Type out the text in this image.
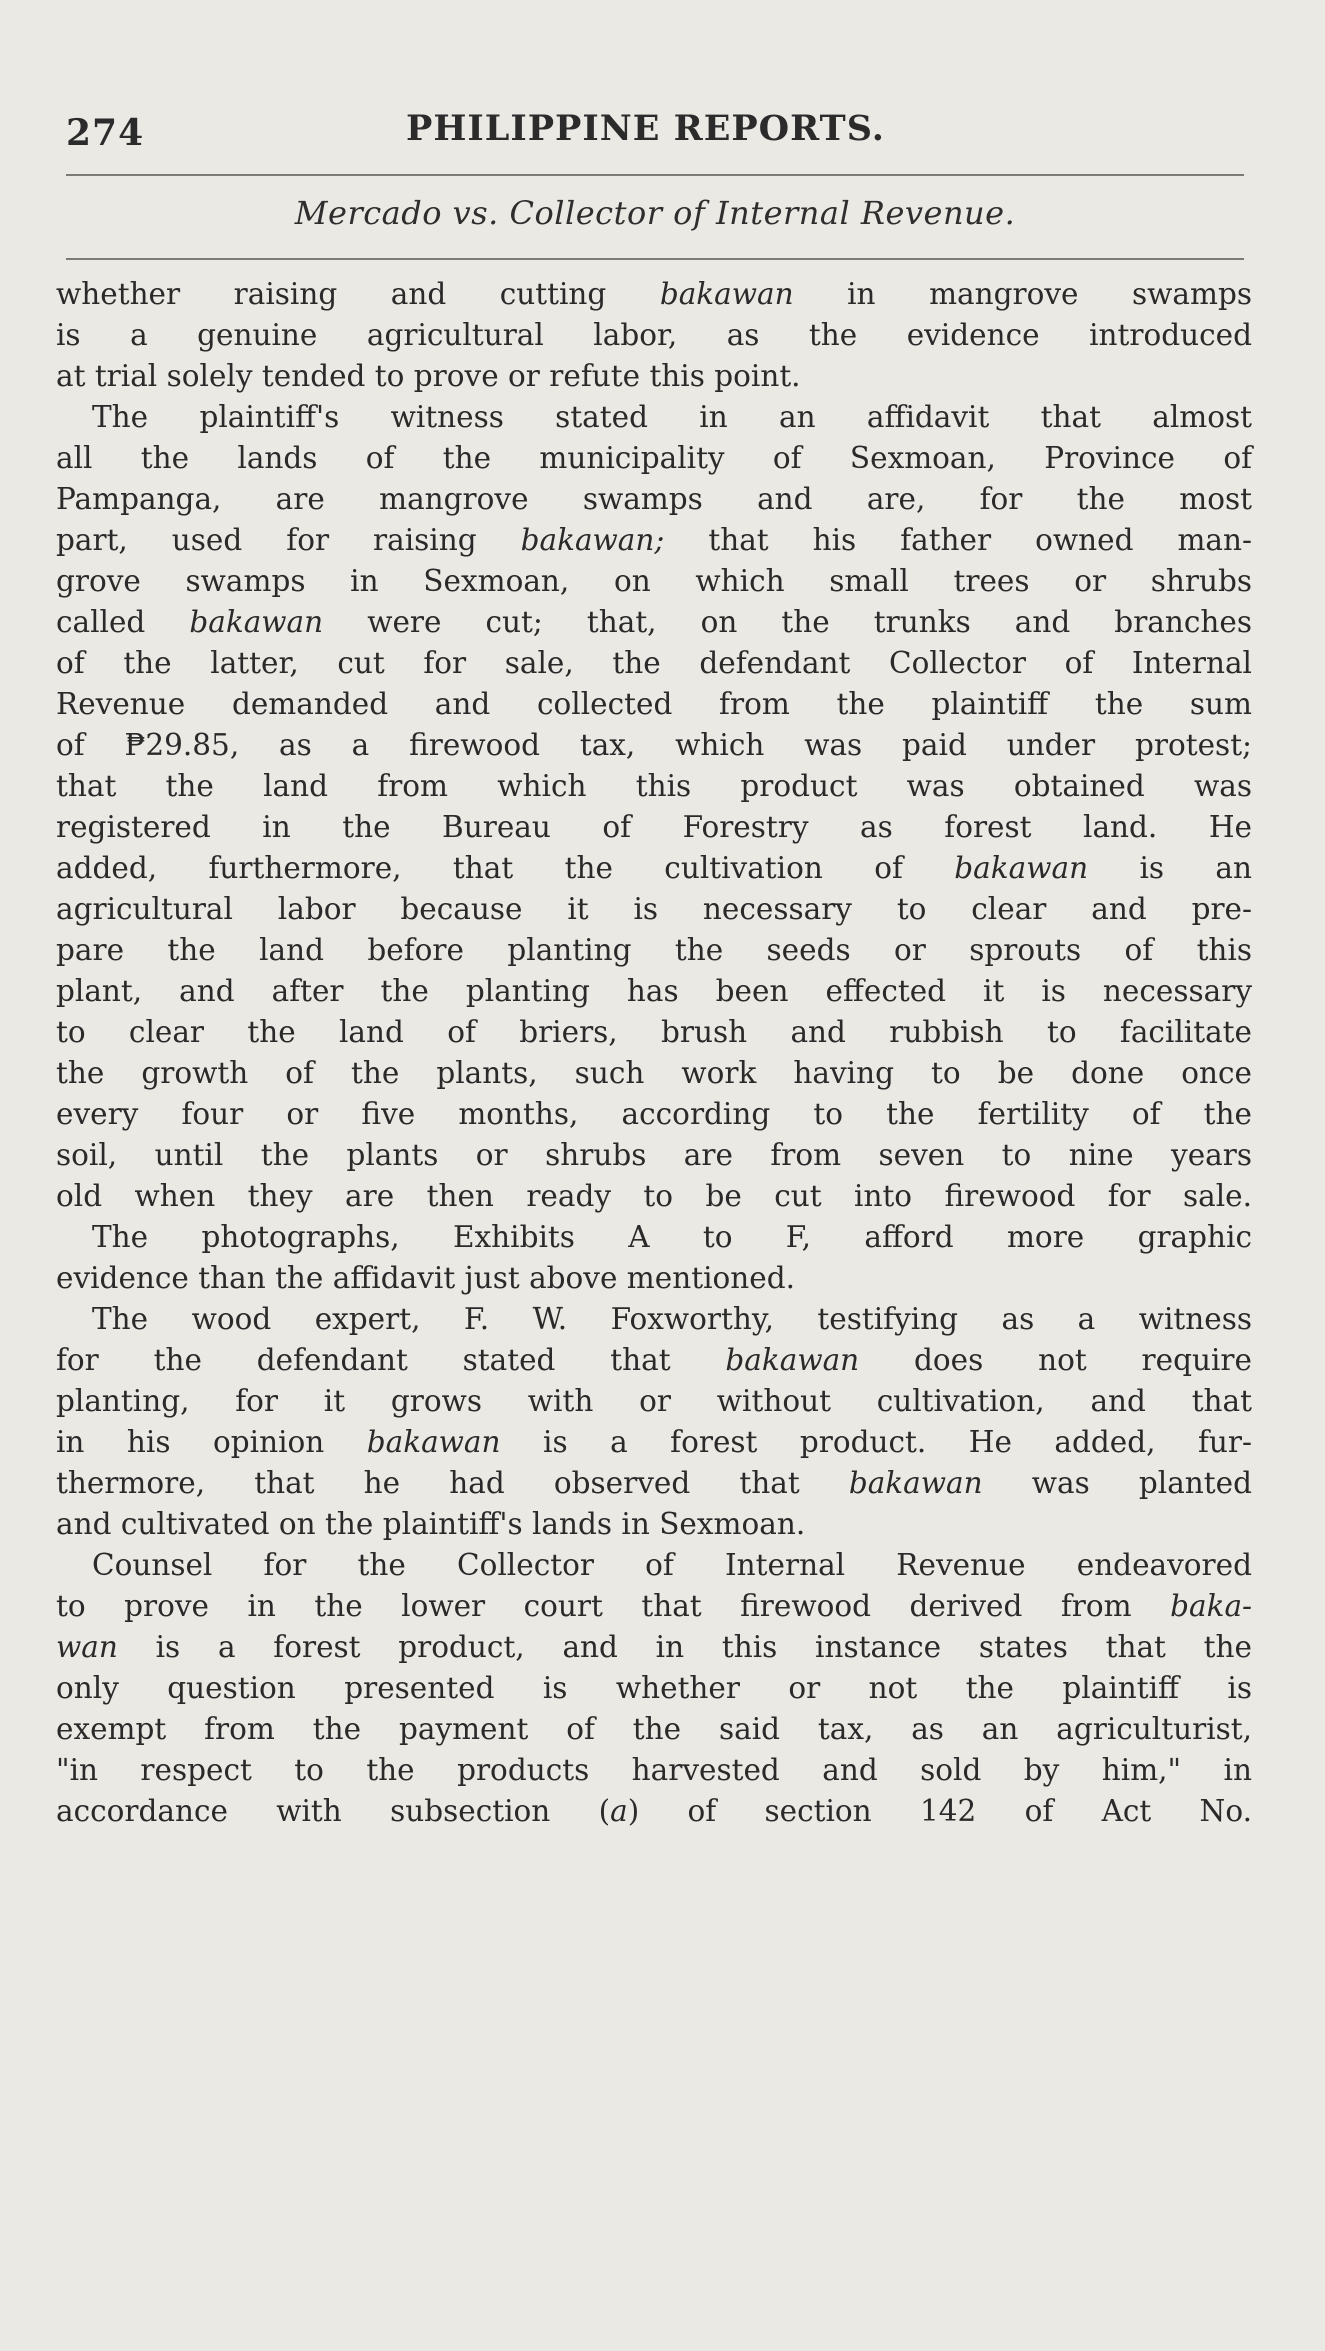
274	PHILIPPINE REPORTS.
Mercado vs. Collector of Internal Revenue.
whether raising and cutting bakawan in mangrove swamps
is a genuine agricultural labor, as the evidence introduced
at trial solely tended to prove or refute this point.
The plaintiff's witness stated in an affidavit that almost
all the lands of the municipality of Sexmoan, Province of
Pampanga, are mangrove swamps and are, for the most
part, used for raising bakawan; that his father owned man-
grove swamps in Sexmoan, on which small trees or shrubs
called bakawan were cut; that, on the trunks and branches
of the latter, cut for sale, the defendant Collector of Internal
Revenue demanded and collected from the plaintiff the sum
of ₱29.85, as a firewood tax, which was paid under protest;
that the land from which this product was obtained was
registered in the Bureau of Forestry as forest land. He
added, furthermore, that the cultivation of bakawan is an
agricultural labor because it is necessary to clear and pre-
pare the land before planting the seeds or sprouts of this
plant, and after the planting has been effected it is necessary
to clear the land of briers, brush and rubbish to facilitate
the growth of the plants, such work having to be done once
every four or five months, according to the fertility of the
soil, until the plants or shrubs are from seven to nine years
old when they are then ready to be cut into firewood for sale.
The photographs, Exhibits A to F, afford more graphic
evidence than the affidavit just above mentioned.
The wood expert, F. W. Foxworthy, testifying as a witness
for the defendant stated that bakawan does not require
planting, for it grows with or without cultivation, and that
in his opinion bakawan is a forest product. He added, fur-
thermore, that he had observed that bakawan was planted
and cultivated on the plaintiff's lands in Sexmoan.
Counsel for the Collector of Internal Revenue endeavored
to prove in the lower court that firewood derived from baka-
wan is a forest product, and in this instance states that the
only question presented is whether or not the plaintiff is
exempt from the payment of the said tax, as an agriculturist,
"in respect to the products harvested and sold by him," in
accordance with subsection (a) of section 142 of Act No.
